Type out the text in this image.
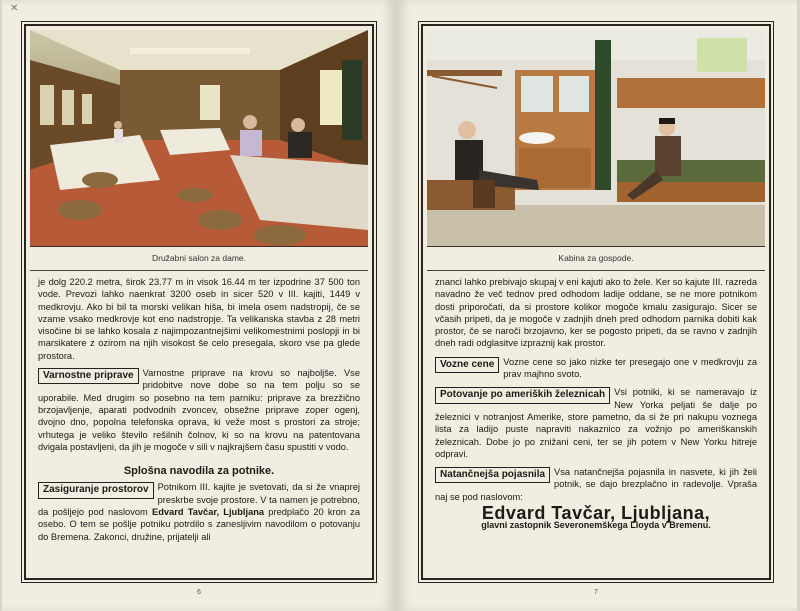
✕
Družabni salon za dame.
je dolg 220.2 metra, širok 23.77 m in visok 16.44 m ter izpodrine 37 500 ton vode. Prevozi lahko naenkrat 3200 oseb in sicer 520 v III. kajiti, 1449 v medkrovju. Ako bi bil ta morski velikan hiša, bi imela osem nadstropij, če se vzame vsako medkrovje kot eno nadstropje. Ta velikanska stavba z 28 metri visočine bi se lahko kosala z najimpozantnejšimi velikomestnimi poslopji in bi marsikatere z ozirom na njih visokost še celo presegala, skoro vse pa glede prostora.
Varnostne priprave Varnostne priprave na krovu so najboljše. Vse pridobitve nove dobe so na tem polju so se uporabile. Med drugim so posebno na tem parniku: priprave za brezžično brzojavljenje, aparati podvodnih zvoncev, obsežne priprave zoper ogenj, dvojno dno, popolna telefonska oprava, ki veže most s prostori za stroje; vrhutega je veliko število rešilnih čolnov, ki so na krovu na patentovana dvigala postavljeni, da jih je mogoče v sili v najkrajšem času spustiti v vodo.
Splošna navodila za potnike.
Zasiguranje prostorov Potnikom III. kajite je svetovati, da si že vnaprej preskrbe svoje prostore. V ta namen je potrebno, da pošljejo pod naslovom Edvard Tavčar, Ljubljana predplačo 20 kron za osebo. O tem se pošlje potniku potrdilo s zanesljivim navodilom o potovanju do Bremena. Zakonci, družine, prijatelji ali
6
Kabina za gospode.
znanci lahko prebivajo skupaj v eni kajuti ako to žele. Ker so kajute III. razreda navadno že več tednov pred odhodom ladije oddane, se ne more potnikom dosti priporočati, da si prostore kolikor mogoče kmalu zasigurajo. Sicer se včasih pripeti, da je mogoče v zadnjih dneh pred odhodom parnika dobiti kak prostor, če se naroči brzojavno, ker se pogosto pripeti, da se ravno v zadnjih dneh radi odglasitve izpraznij kak prostor.
Vozne cene Vozne cene so jako nizke ter presegajo one v medkrovju za prav majhno svoto.
Potovanje po ameriških železnicah Vsi potniki, ki se nameravajo iz New Yorka peljati še dalje po železnici v notranjost Amerike, store pametno, da si že pri nakupu voznega lista za ladijo puste napraviti nakaznico za vožnjo po ameriškanskih železnicah. Dobe jo po znižani ceni, ter se jih potem v New Yorku hitreje odpravi.
Natančnejša pojasnila Vsa natančnejša pojasnila in nasvete, ki jih želi potnik, se dajo brezplačno in radevolje. Vpraša naj se pod naslovom:
Edvard Tavčar, Ljubljana,
glavni zastopnik Severonemškega Lloyda v Bremenu.
7
